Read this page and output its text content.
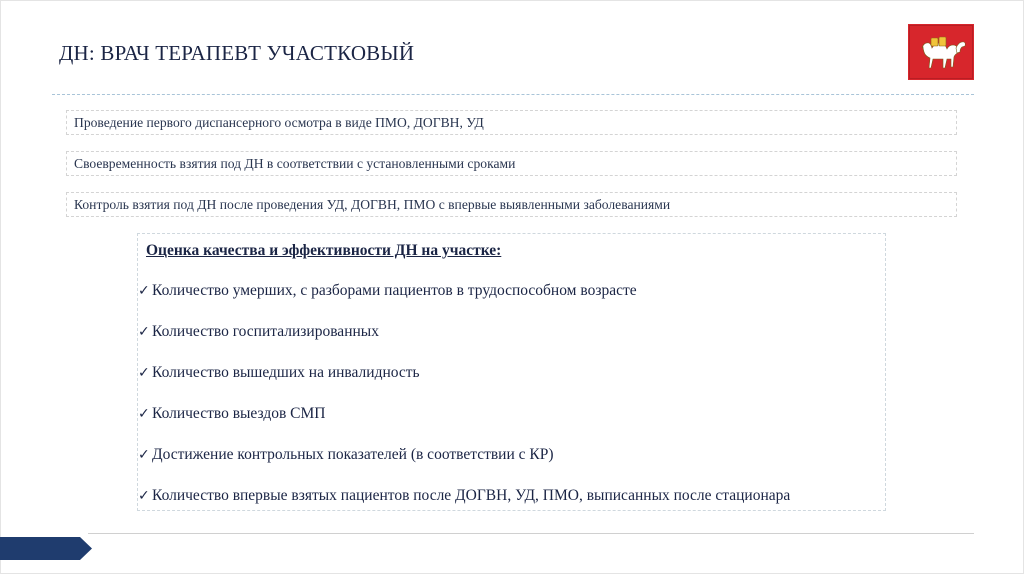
ДН: ВРАЧ ТЕРАПЕВТ УЧАСТКОВЫЙ
Проведение первого диспансерного осмотра в виде ПМО, ДОГВН, УД
Своевременность взятия под ДН в соответствии с установленными сроками
Контроль взятия под ДН после проведения УД, ДОГВН, ПМО с впервые выявленными заболеваниями
Оценка качества и эффективности ДН на участке:
✓ Количество умерших, с разборами пациентов в трудоспособном возрасте
✓ Количество госпитализированных
✓ Количество вышедших на инвалидность
✓ Количество выездов СМП
✓ Достижение контрольных показателей (в соответствии с КР)
✓ Количество впервые взятых пациентов после ДОГВН, УД, ПМО, выписанных после стационара
